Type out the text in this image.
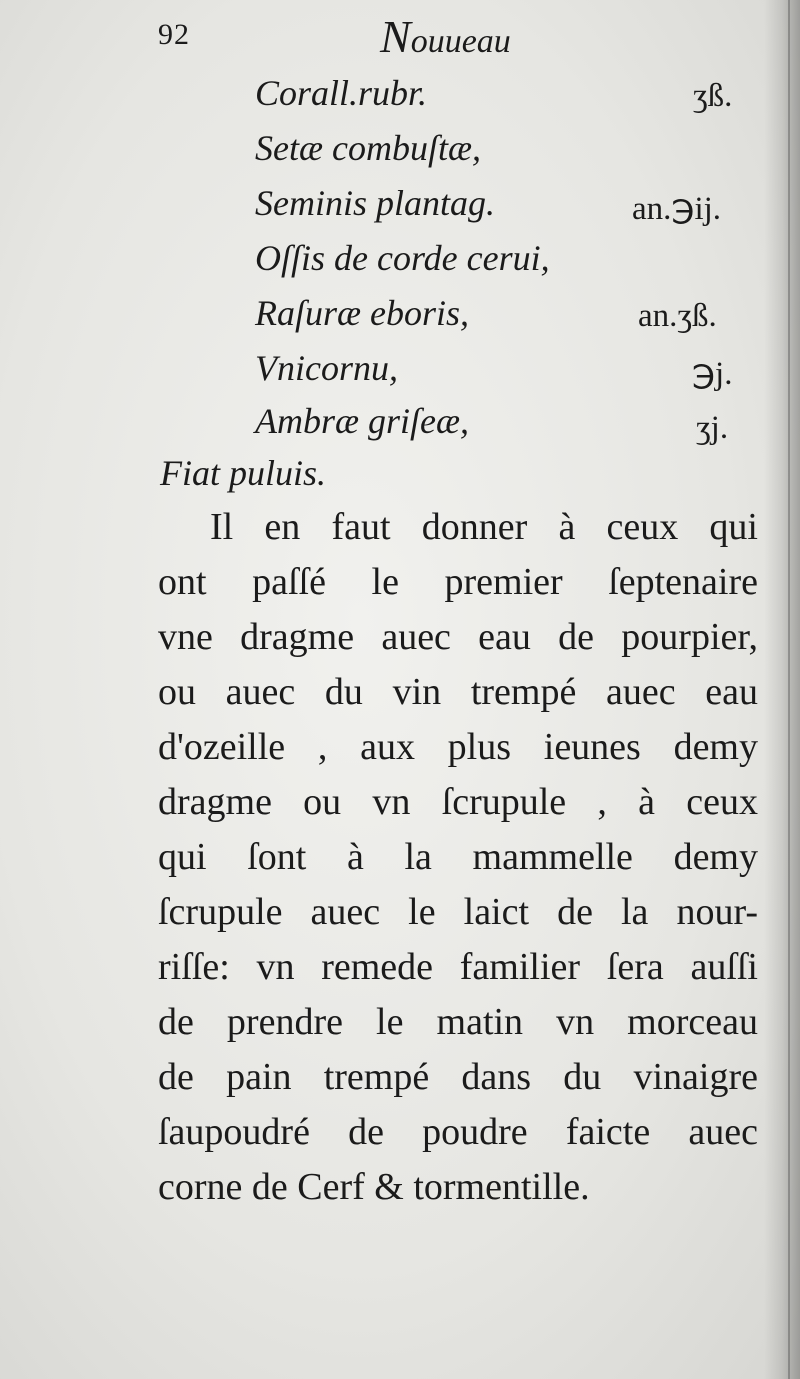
92	Nouueau
Corall.rubr.	ʒß.
Setæ combuſtæ,
Seminis plantag.	an.℈ij.
Oſſis de corde cerui,
Raſuræ eboris,	an.ʒß.
Vnicornu,	℈j.
Ambræ griſeæ,	ʒj.
Fiat puluis.
Il en faut donner à ceux qui
ont paſſé le premier ſeptenaire
vne dragme auec eau de pourpier,
ou auec du vin trempé auec eau
d'ozeille , aux plus ieunes demy
dragme ou vn ſcrupule , à ceux
qui ſont à la mammelle demy
ſcrupule auec le laict de la nour-
riſſe: vn remede familier ſera auſſi
de prendre le matin vn morceau
de pain trempé dans du vinaigre
ſaupoudré de poudre faicte auec
corne de Cerf & tormentille.
